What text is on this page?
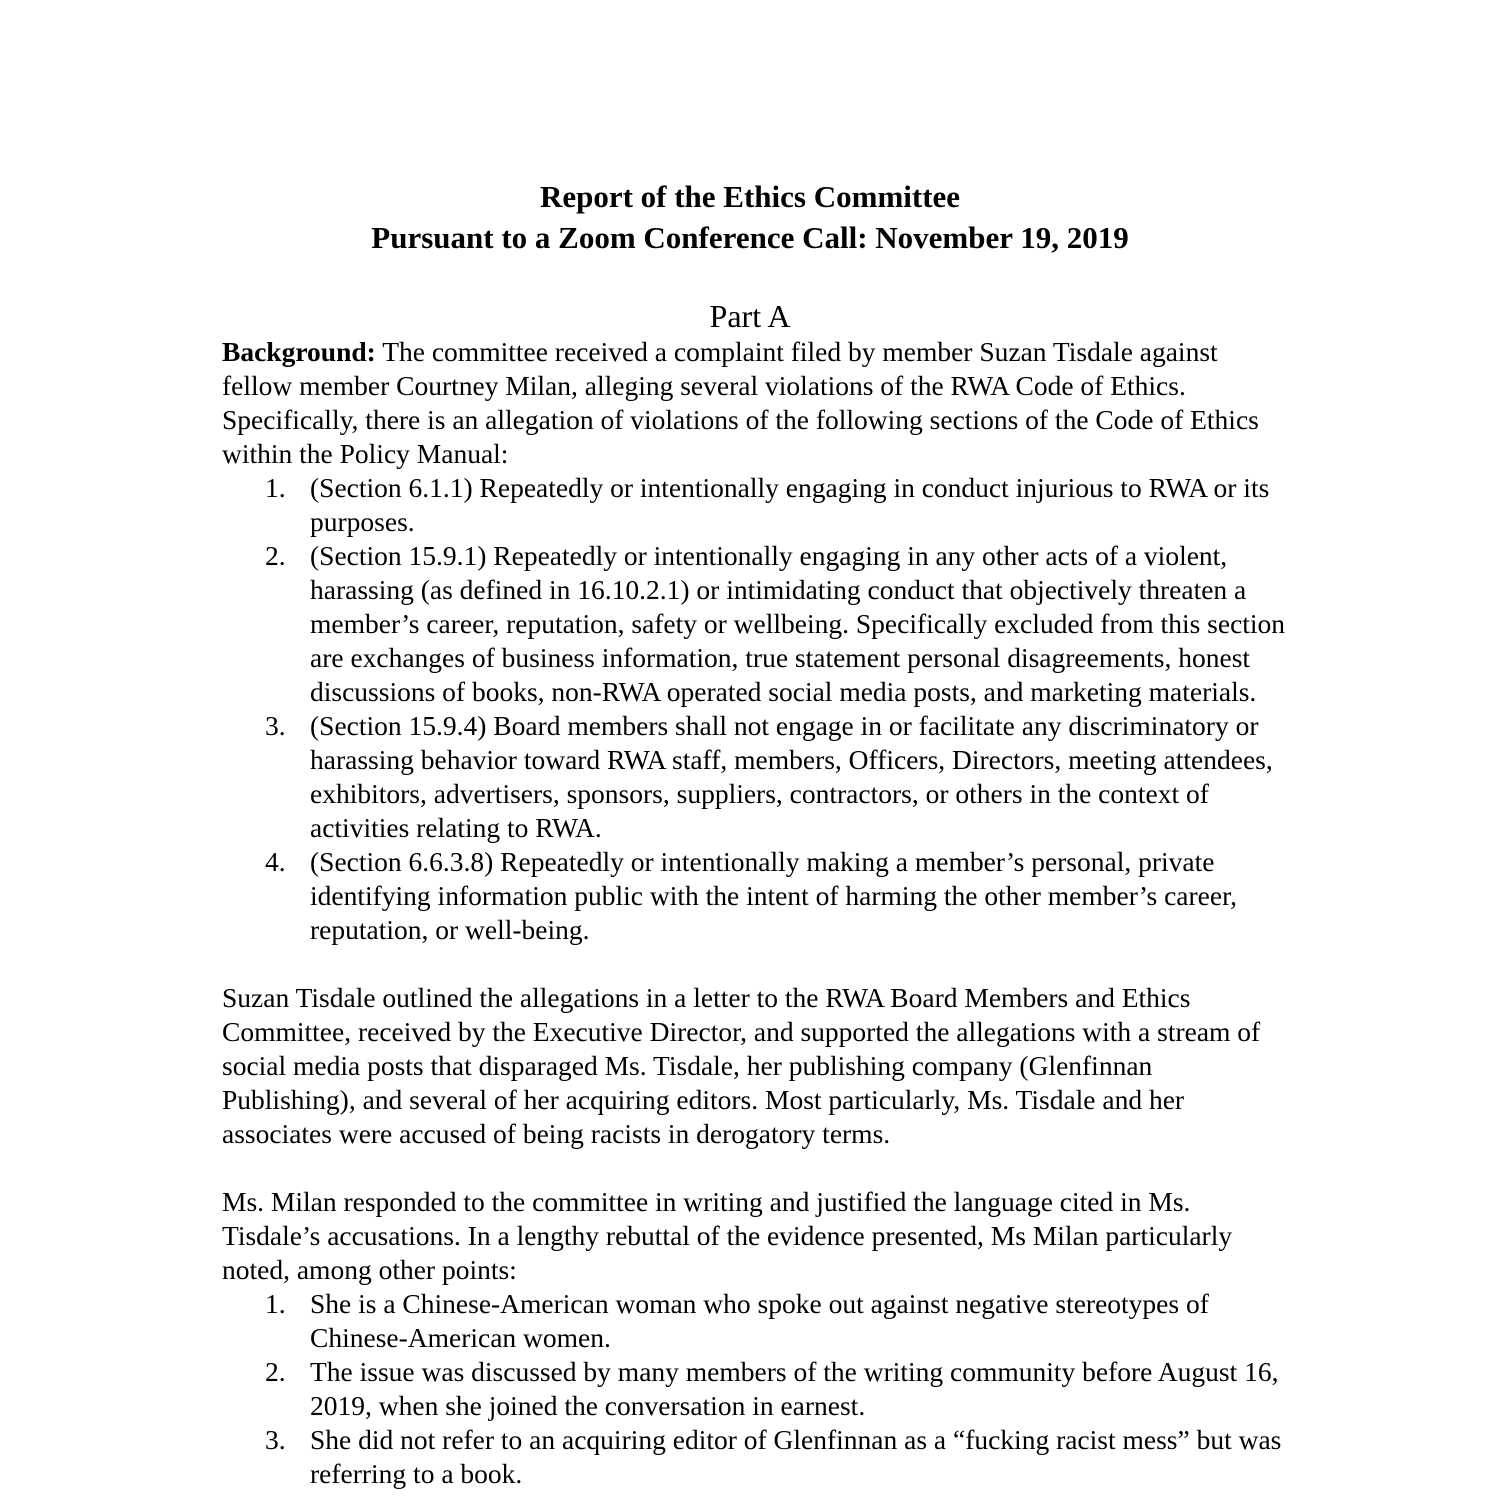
Report of the Ethics Committee
Pursuant to a Zoom Conference Call: November 19, 2019
Part A

Background: The committee received a complaint filed by member Suzan Tisdale against fellow member Courtney Milan, alleging several violations of the RWA Code of Ethics. Specifically, there is an allegation of violations of the following sections of the Code of Ethics within the Policy Manual:

1. (Section 6.1.1) Repeatedly or intentionally engaging in conduct injurious to RWA or its purposes.
2. (Section 15.9.1) Repeatedly or intentionally engaging in any other acts of a violent, harassing (as defined in 16.10.2.1) or intimidating conduct that objectively threaten a member’s career, reputation, safety or wellbeing. Specifically excluded from this section are exchanges of business information, true statement personal disagreements, honest discussions of books, non-RWA operated social media posts, and marketing materials.
3. (Section 15.9.4) Board members shall not engage in or facilitate any discriminatory or harassing behavior toward RWA staff, members, Officers, Directors, meeting attendees, exhibitors, advertisers, sponsors, suppliers, contractors, or others in the context of activities relating to RWA.
4. (Section 6.6.3.8) Repeatedly or intentionally making a member’s personal, private identifying information public with the intent of harming the other member’s career, reputation, or well-being.

Suzan Tisdale outlined the allegations in a letter to the RWA Board Members and Ethics Committee, received by the Executive Director, and supported the allegations with a stream of social media posts that disparaged Ms. Tisdale, her publishing company (Glenfinnan Publishing), and several of her acquiring editors. Most particularly, Ms. Tisdale and her associates were accused of being racists in derogatory terms.

Ms. Milan responded to the committee in writing and justified the language cited in Ms. Tisdale’s accusations. In a lengthy rebuttal of the evidence presented, Ms Milan particularly noted, among other points:

1. She is a Chinese-American woman who spoke out against negative stereotypes of Chinese-American women.
2. The issue was discussed by many members of the writing community before August 16, 2019, when she joined the conversation in earnest.
3. She did not refer to an acquiring editor of Glenfinnan as a “fucking racist mess” but was referring to a book.
